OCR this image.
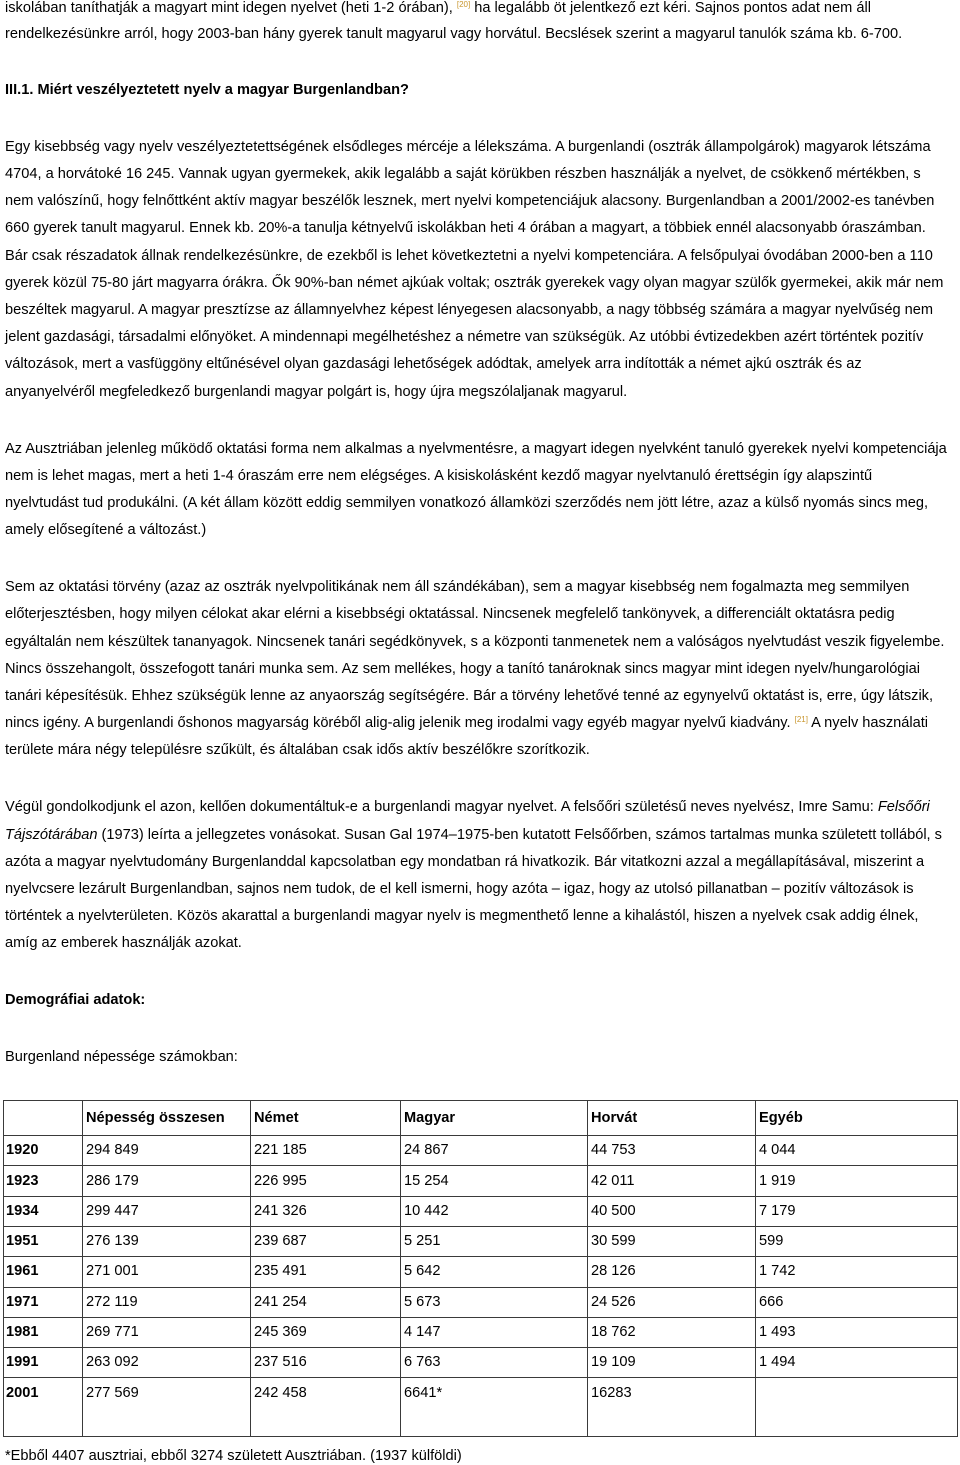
iskolában taníthatják a magyart mint idegen nyelvet (heti 1-2 órában), [20] ha legalább öt jelentkező ezt kéri. Sajnos pontos adat nem áll
rendelkezésünkre arról, hogy 2003-ban hány gyerek tanult magyarul vagy horvátul. Becslések szerint a magyarul tanulók száma kb. 6-700.

III.1. Miért veszélyeztetett nyelv a magyar Burgenlandban?

Egy kisebbség vagy nyelv veszélyeztetettségének elsődleges mércéje a lélekszáma. A burgenlandi (osztrák állampolgárok) magyarok létszáma
4704, a horvátoké 16 245. Vannak ugyan gyermekek, akik legalább a saját körükben részben használják a nyelvet, de csökkenő mértékben, s
nem valószínű, hogy felnőttként aktív magyar beszélők lesznek, mert nyelvi kompetenciájuk alacsony. Burgenlandban a 2001/2002-es tanévben
660 gyerek tanult magyarul. Ennek kb. 20%-a tanulja kétnyelvű iskolákban heti 4 órában a magyart, a többiek ennél alacsonyabb óraszámban.
Bár csak részadatok állnak rendelkezésünkre, de ezekből is lehet következtetni a nyelvi kompetenciára. A felsőpulyai óvodában 2000-ben a 110
gyerek közül 75-80 járt magyarra órákra. Ők 90%-ban német ajkúak voltak; osztrák gyerekek vagy olyan magyar szülők gyermekei, akik már nem
beszéltek magyarul. A magyar presztízse az államnyelvhez képest lényegesen alacsonyabb, a nagy többség számára a magyar nyelvűség nem
jelent gazdasági, társadalmi előnyöket. A mindennapi megélhetéshez a németre van szükségük. Az utóbbi évtizedekben azért történtek pozitív
változások, mert a vasfüggöny eltűnésével olyan gazdasági lehetőségek adódtak, amelyek arra indították a német ajkú osztrák és az
anyanyelvéről megfeledkező burgenlandi magyar polgárt is, hogy újra megszólaljanak magyarul.

Az Ausztriában jelenleg működő oktatási forma nem alkalmas a nyelvmentésre, a magyart idegen nyelvként tanuló gyerekek nyelvi kompetenciája
nem is lehet magas, mert a heti 1-4 óraszám erre nem elégséges. A kisiskolásként kezdő magyar nyelvtanuló érettségin így alapszintű
nyelvtudást tud produkálni. (A két állam között eddig semmilyen vonatkozó államközi szerződés nem jött létre, azaz a külső nyomás sincs meg,
amely elősegítené a változást.)

Sem az oktatási törvény (azaz az osztrák nyelvpolitikának nem áll szándékában), sem a magyar kisebbség nem fogalmazta meg semmilyen
előterjesztésben, hogy milyen célokat akar elérni a kisebbségi oktatással. Nincsenek megfelelő tankönyvek, a differenciált oktatásra pedig
egyáltalán nem készültek tananyagok. Nincsenek tanári segédkönyvek, s a központi tanmenetek nem a valóságos nyelvtudást veszik figyelembe.
Nincs összehangolt, összefogott tanári munka sem. Az sem mellékes, hogy a tanító tanároknak sincs magyar mint idegen nyelv/hungarológiai
tanári képesítésük. Ehhez szükségük lenne az anyaország segítségére. Bár a törvény lehetővé tenné az egynyelvű oktatást is, erre, úgy látszik,
nincs igény. A burgenlandi őshonos magyarság köréből alig-alig jelenik meg irodalmi vagy egyéb magyar nyelvű kiadvány. [21] A nyelv használati
területe mára négy településre szűkült, és általában csak idős aktív beszélőkre szorítkozik.

Végül gondolkodjunk el azon, kellően dokumentáltuk-e a burgenlandi magyar nyelvet. A felsőőri születésű neves nyelvész, Imre Samu: Felsőőri
Tájszótárában (1973) leírta a jellegzetes vonásokat. Susan Gal 1974–1975-ben kutatott Felsőőrben, számos tartalmas munka született tollából, s
azóta a magyar nyelvtudomány Burgenlanddal kapcsolatban egy mondatban rá hivatkozik. Bár vitatkozni azzal a megállapításával, miszerint a
nyelvcsere lezárult Burgenlandban, sajnos nem tudok, de el kell ismerni, hogy azóta – igaz, hogy az utolsó pillanatban – pozitív változások is
történtek a nyelvterületen. Közös akarattal a burgenlandi magyar nyelv is megmenthető lenne a kihalástól, hiszen a nyelvek csak addig élnek,
amíg az emberek használják azokat.

Demográfiai adatok:

Burgenland népessége számokban:

	Népesség összesen	Német	Magyar	Horvát	Egyéb
1920	294 849	221 185	24 867	44 753	4 044
1923	286 179	226 995	15 254	42 011	1 919
1934	299 447	241 326	10 442	40 500	7 179
1951	276 139	239 687	5 251	30 599	599
1961	271 001	235 491	5 642	28 126	1 742
1971	272 119	241 254	5 673	24 526	666
1981	269 771	245 369	4 147	18 762	1 493
1991	263 092	237 516	6 763	19 109	1 494
2001	277 569	242 458	6641*	16283	

*Ebből 4407 ausztriai, ebből 3274 született Ausztriában. (1937 külföldi)
